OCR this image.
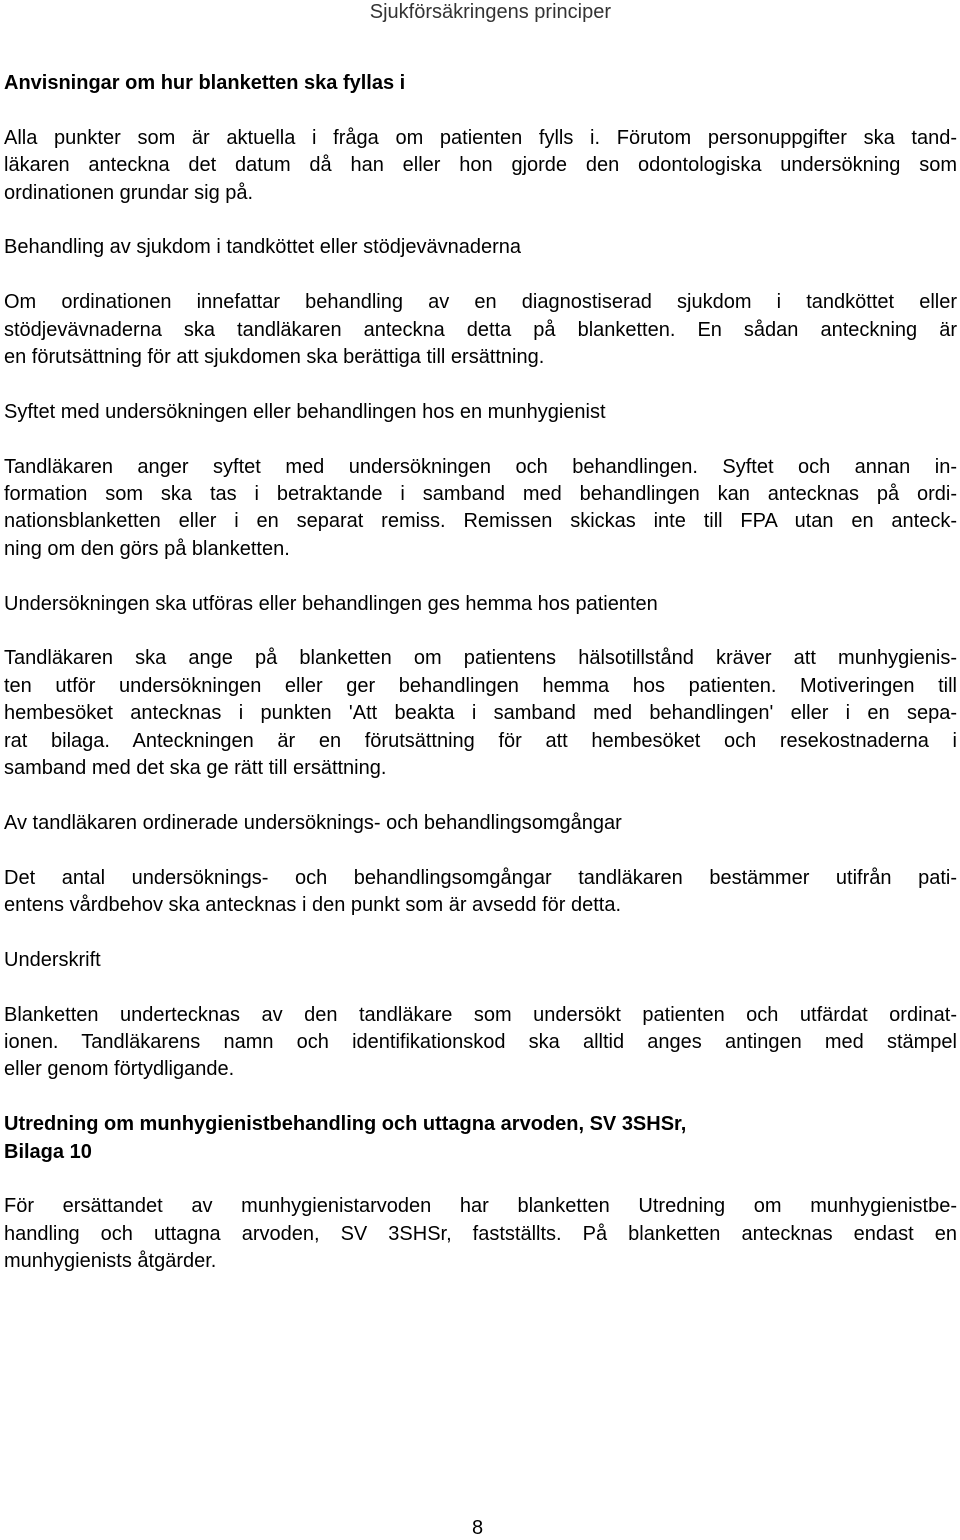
Sjukförsäkringens principer
Anvisningar om hur blanketten ska fyllas i
Alla punkter som är aktuella i fråga om patienten fylls i. Förutom personuppgifter ska tand-
läkaren anteckna det datum då han eller hon gjorde den odontologiska undersökning som
ordinationen grundar sig på.
Behandling av sjukdom i tandköttet eller stödjevävnaderna
Om ordinationen innefattar behandling av en diagnostiserad sjukdom i tandköttet eller
stödjevävnaderna ska tandläkaren anteckna detta på blanketten. En sådan anteckning är
en förutsättning för att sjukdomen ska berättiga till ersättning.
Syftet med undersökningen eller behandlingen hos en munhygienist
Tandläkaren anger syftet med undersökningen och behandlingen. Syftet och annan in-
formation som ska tas i betraktande i samband med behandlingen kan antecknas på ordi-
nationsblanketten eller i en separat remiss. Remissen skickas inte till FPA utan en anteck-
ning om den görs på blanketten.
Undersökningen ska utföras eller behandlingen ges hemma hos patienten
Tandläkaren ska ange på blanketten om patientens hälsotillstånd kräver att munhygienis-
ten utför undersökningen eller ger behandlingen hemma hos patienten. Motiveringen till
hembesöket antecknas i punkten 'Att beakta i samband med behandlingen' eller i en sepa-
rat bilaga. Anteckningen är en förutsättning för att hembesöket och resekostnaderna i
samband med det ska ge rätt till ersättning.
Av tandläkaren ordinerade undersöknings- och behandlingsomgångar
Det antal undersöknings- och behandlingsomgångar tandläkaren bestämmer utifrån pati-
entens vårdbehov ska antecknas i den punkt som är avsedd för detta.
Underskrift
Blanketten undertecknas av den tandläkare som undersökt patienten och utfärdat ordinat-
ionen. Tandläkarens namn och identifikationskod ska alltid anges antingen med stämpel
eller genom förtydligande.
Utredning om munhygienistbehandling och uttagna arvoden, SV 3SHSr,
Bilaga 10
För ersättandet av munhygienistarvoden har blanketten Utredning om munhygienistbe-
handling och uttagna arvoden, SV 3SHSr, fastställts. På blanketten antecknas endast en
munhygienists åtgärder.
8
